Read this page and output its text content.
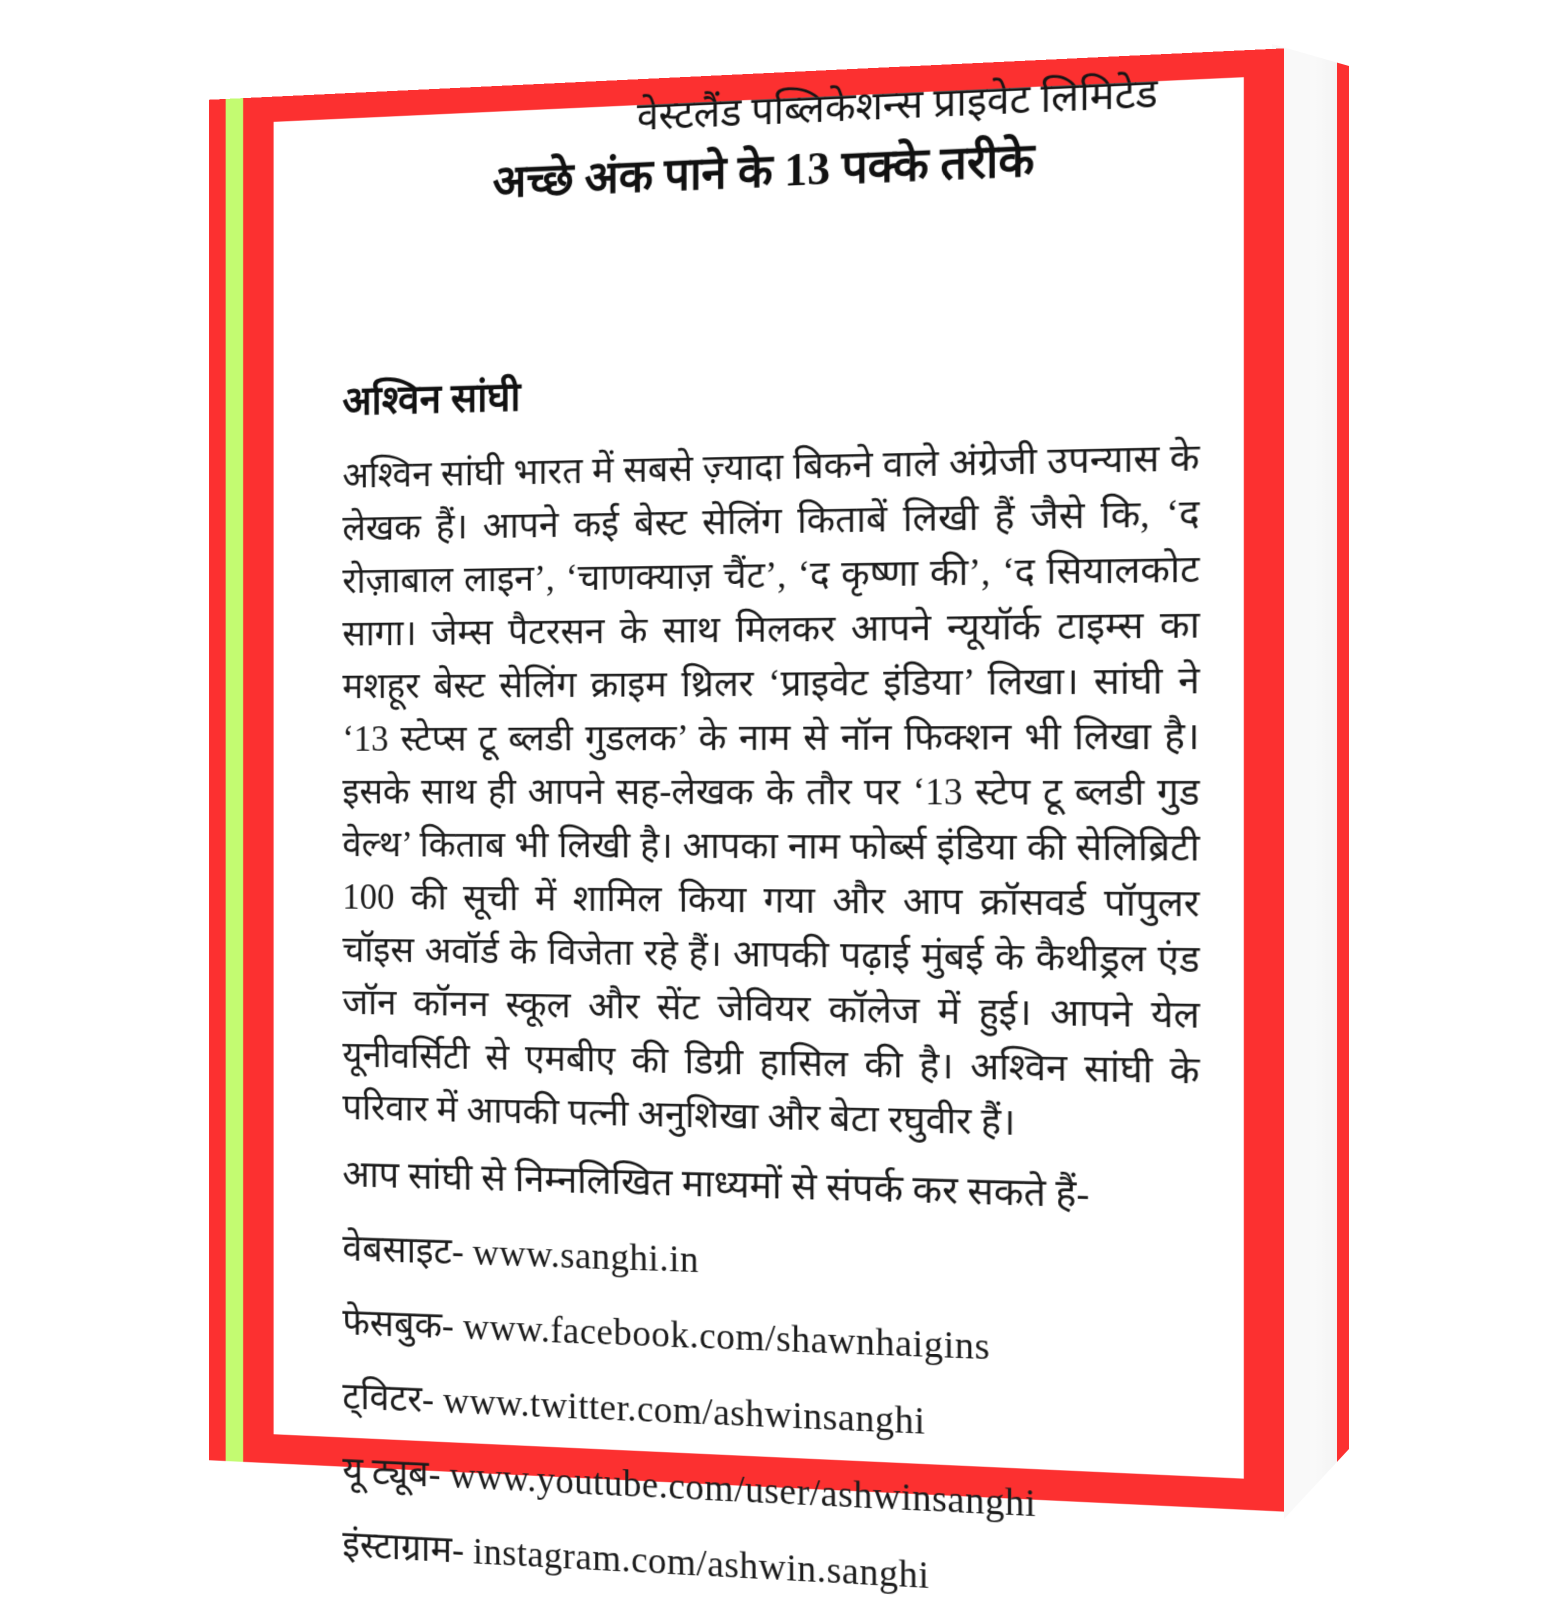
वेस्टलैंड पब्लिकेशन्स प्राइवेट लिमिटेड
अच्छे अंक पाने के 13 पक्के तरीके
अश्विन सांघी
अश्विन सांघी भारत में सबसे ज़्यादा बिकने वाले अंग्रेजी उपन्यास के लेखक हैं। आपने कई बेस्ट सेलिंग किताबें लिखी हैं जैसे कि, ‘द रोज़ाबाल लाइन’, ‘चाणक्याज़ चैंट’, ‘द कृष्णा की’, ‘द सियालकोट सागा। जेम्स पैटरसन के साथ मिलकर आपने न्यूयॉर्क टाइम्स का मशहूर बेस्ट सेलिंग क्राइम थ्रिलर ‘प्राइवेट इंडिया’ लिखा। सांघी ने ‘13 स्टेप्स टू ब्लडी गुडलक’ के नाम से नॉन फिक्शन भी लिखा है। इसके साथ ही आपने सह-लेखक के तौर पर ‘13 स्टेप टू ब्लडी गुड वेल्थ’ किताब भी लिखी है। आपका नाम फोर्ब्स इंडिया की सेलिब्रिटी 100 की सूची में शामिल किया गया और आप क्रॉसवर्ड पॉपुलर चॉइस अवॉर्ड के विजेता रहे हैं। आपकी पढ़ाई मुंबई के कैथीड्रल एंड जॉन कॉनन स्कूल और सेंट जेवियर कॉलेज में हुई। आपने येल यूनीवर्सिटी से एमबीए की डिग्री हासिल की है। अश्विन सांघी के परिवार में आपकी पत्नी अनुशिखा और बेटा रघुवीर हैं।
आप सांघी से निम्नलिखित माध्यमों से संपर्क कर सकते हैं-
वेबसाइट- www.sanghi.in
फेसबुक- www.facebook.com/shawnhaigins
ट्विटर- www.twitter.com/ashwinsanghi
यू ट्यूब- www.youtube.com/user/ashwinsanghi
इंस्टाग्राम- instagram.com/ashwin.sanghi
